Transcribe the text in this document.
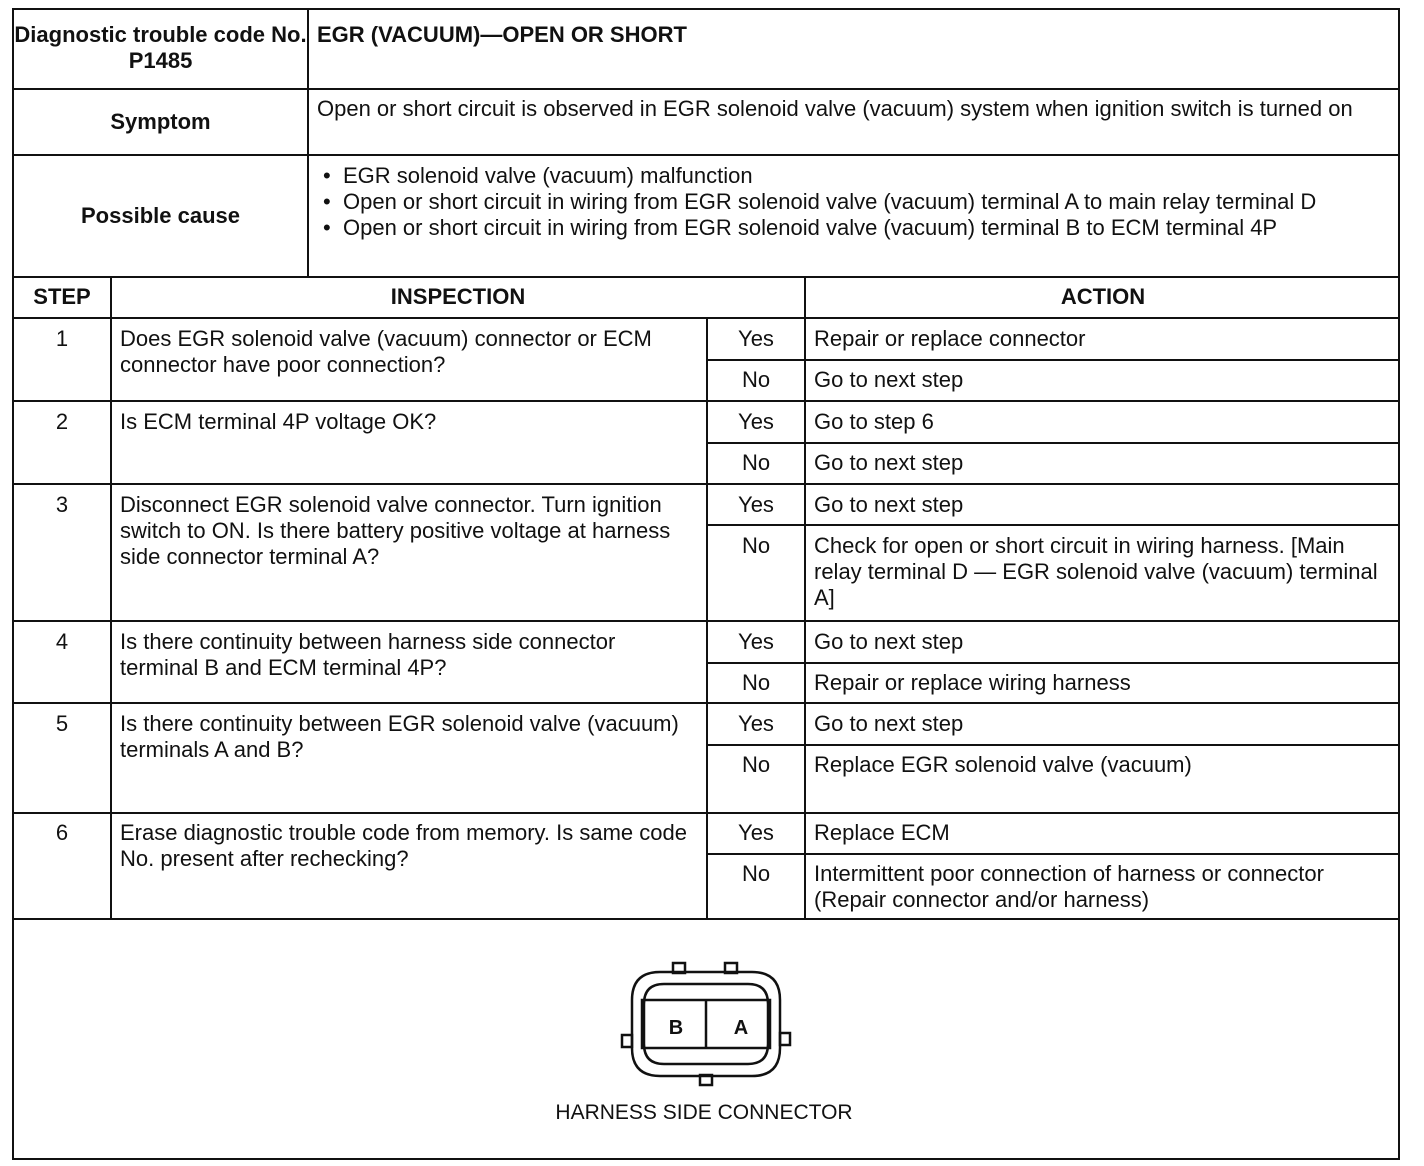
Diagnostic trouble code No. P1485
EGR (VACUUM)—OPEN OR SHORT
Symptom
Open or short circuit is observed in EGR solenoid valve (vacuum) system when ignition switch is turned on
Possible cause
• EGR solenoid valve (vacuum) malfunction
• Open or short circuit in wiring from EGR solenoid valve (vacuum) terminal A to main relay terminal D
• Open or short circuit in wiring from EGR solenoid valve (vacuum) terminal B to ECM terminal 4P
STEP	INSPECTION	ACTION
1	Does EGR solenoid valve (vacuum) connector or ECM connector have poor connection?
Yes	Repair or replace connector
No	Go to next step
2	Is ECM terminal 4P voltage OK?	Yes	Go to step 6
No	Go to next step
3	Disconnect EGR solenoid valve connector. Turn ignition switch to ON. Is there battery positive voltage at harness side connector terminal A?
Yes	Go to next step
No	Check for open or short circuit in wiring harness. [Main relay terminal D — EGR solenoid valve (vacuum) terminal A]
4	Is there continuity between harness side connector terminal B and ECM terminal 4P?
Yes	Go to next step
No	Repair or replace wiring harness
5	Is there continuity between EGR solenoid valve (vacuum) terminals A and B?
Yes	Go to next step
No	Replace EGR solenoid valve (vacuum)
6	Erase diagnostic trouble code from memory. Is same code No. present after rechecking?
Yes	Replace ECM
No	Intermittent poor connection of harness or connector (Repair connector and/or harness)
B	A
HARNESS SIDE CONNECTOR
